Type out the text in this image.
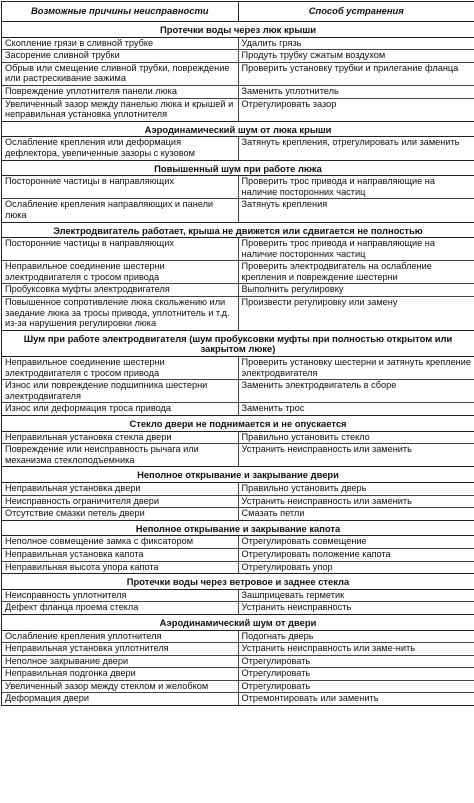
Возможные причины неисправности	Способ устранения
Протечки воды через люк крыши	
Скопление грязи в сливной трубке	Удалить грязь
Засорение сливной трубки	Продуть трубку сжатым воздухом
Обрыв или смещение сливной трубки, повреждение или растрескивание зажима	Проверить установку трубки и прилегание фланца
Повреждение уплотнителя панели люка	Заменить уплотнитель
Увеличенный зазор между панелью люка и крышей и неправильная установка уплотнителя	Отрегулировать зазор
Аэродинамический шум от люка крыши	
Ослабление крепления или деформация дефлектора, увеличенные зазоры с кузовом	Затянуть крепления, отрегулировать или заменить
Повышенный шум при работе люка	
Посторонние частицы в направляющих	Проверить трос привода и направляющие на наличие посторонних частиц
Ослабление крепления направляющих и панели люка	Затянуть крепления
Электродвигатель работает, крыша не движется или сдвигается не полностью	
Посторонние частицы в направляющих	Проверить трос привода и направляющие на наличие посторонних частиц
Неправильное соединение шестерни электродвигателя с тросом привода	Проверить электродвигатель на ослабление крепления и повреждение шестерни
Пробуксовка муфты электродвигателя	Выполнить регулировку
Повышенное сопротивление люка скольжению или заедание люка за тросы привода, уплотнитель и т.д. из-за нарушения регулировки люка	Произвести регулировку или замену
Шум при работе электродвигателя (шум пробуксовки муфты при полностью открытом или закрытом люке)	
Неправильное соединение шестерни электродвигателя с тросом привода	Проверить установку шестерни и затянуть крепление электродвигателя
Износ или повреждение подшипника шестерни электродвигателя	Заменить электродвигатель в сборе
Износ или деформация троса привода	Заменить трос
Стекло двери не поднимается и не опускается	
Неправильная установка стекла двери	Правильно установить стекло
Повреждение или неисправность рычага или механизма стеклоподъемника	Устранить неисправность или заменить
Неполное открывание и закрывание двери	
Неправильная установка двери	Правильно установить дверь
Неисправность ограничителя двери	Устранить неисправность или заменить
Отсутствие смазки петель двери	Смазать петли
Неполное открывание и закрывание капота	
Неполное совмещение замка с фиксатором	Отрегулировать совмещение
Неправильная установка капота	Отрегулировать положение капота
Неправильная высота упора капота	Отрегулировать упор
Протечки воды через ветровое и заднее стекла	
Неисправность уплотнителя	Зашприцевать герметик
Дефект фланца проема стекла	Устранить неисправность
Аэродинамический шум от двери	
Ослабление крепления уплотнителя	Подогнать дверь
Неправильная установка уплотнителя	Устранить неисправность или заме-нить
Неполное закрывание двери	Отрегулировать
Неправильная подгонка двери	Отрегулировать
Увеличенный зазор между стеклом и желобком	Отрегулировать
Деформация двери	Отремонтировать или заменить
